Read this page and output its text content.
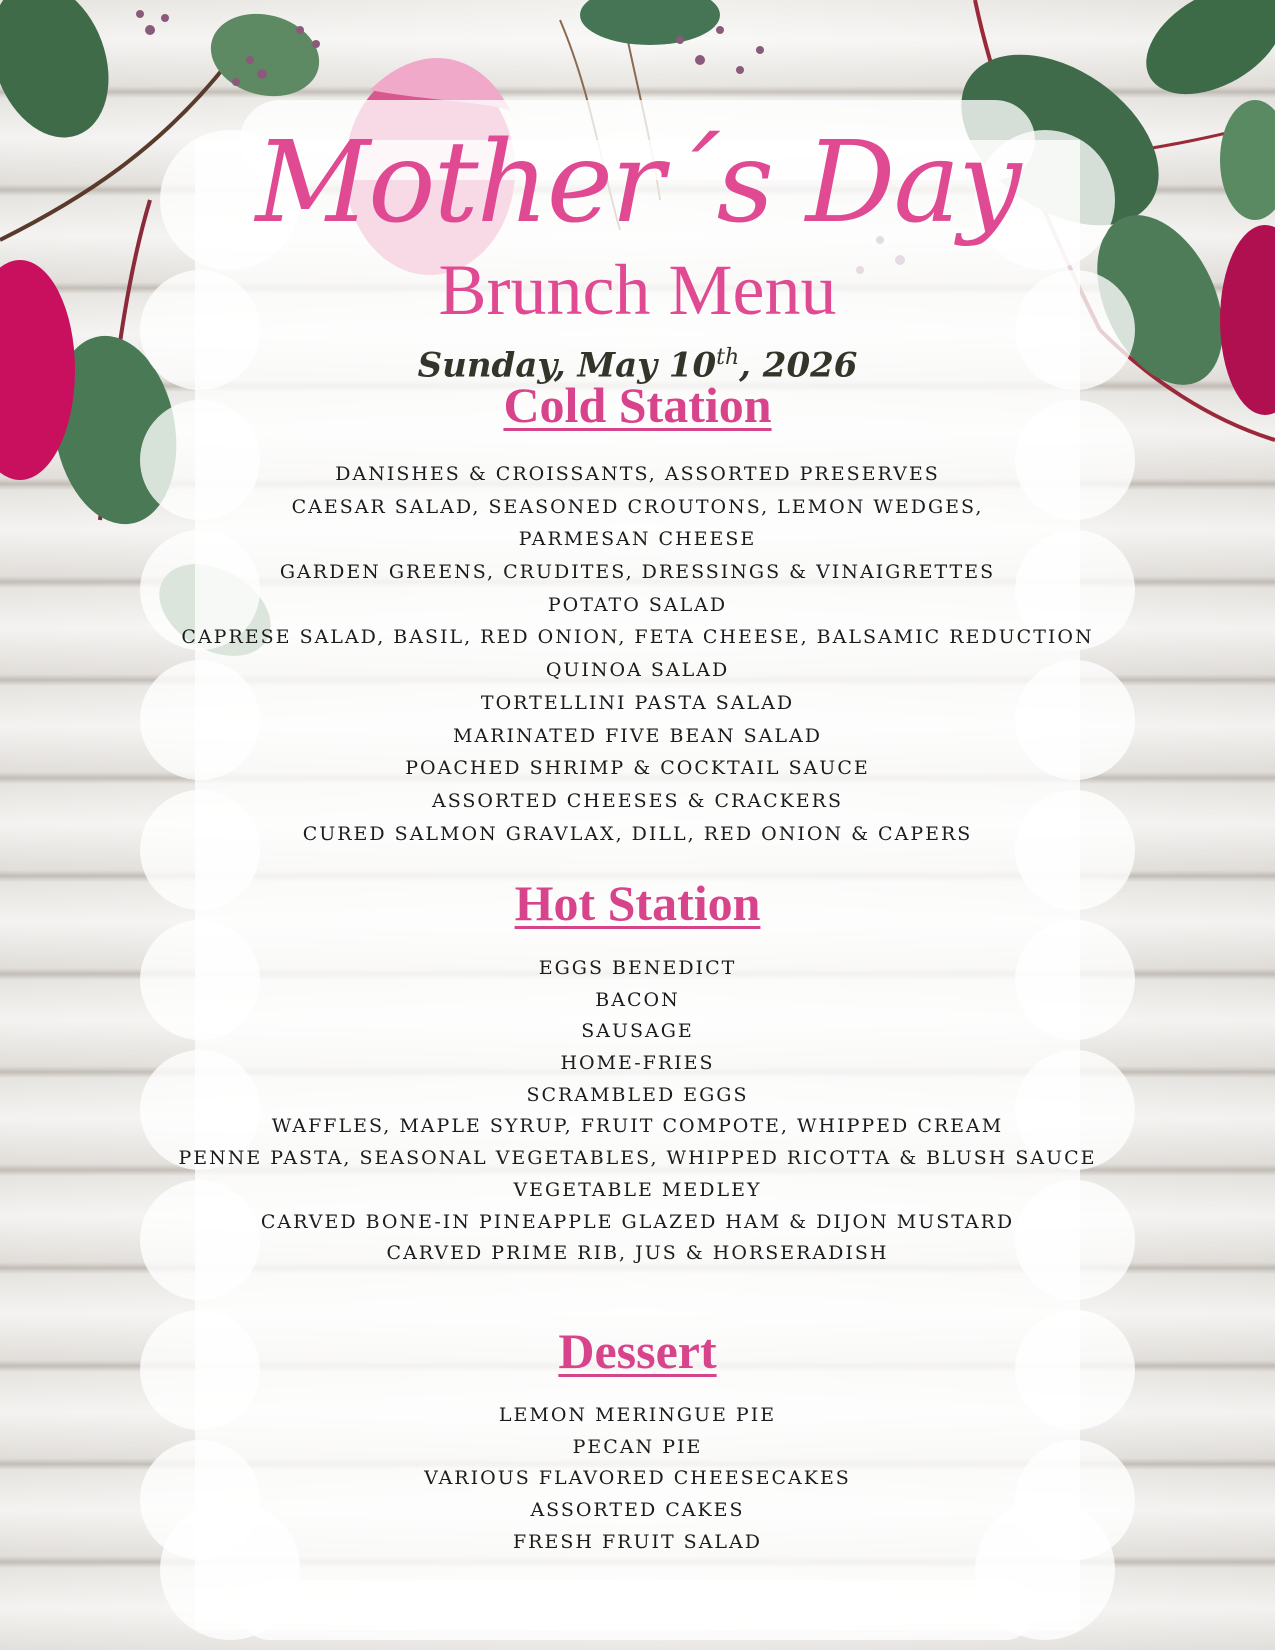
Mother´s Day
Brunch Menu
Sunday, May 10th, 2026
Cold Station
DANISHES & CROISSANTS, ASSORTED PRESERVES
CAESAR SALAD, SEASONED CROUTONS, LEMON WEDGES, PARMESAN CHEESE
GARDEN GREENS, CRUDITES, DRESSINGS & VINAIGRETTES
POTATO SALAD
CAPRESE SALAD, BASIL, RED ONION, FETA CHEESE, BALSAMIC REDUCTION
QUINOA SALAD
TORTELLINI PASTA SALAD
MARINATED FIVE BEAN SALAD
POACHED SHRIMP & COCKTAIL SAUCE
ASSORTED CHEESES & CRACKERS
CURED SALMON GRAVLAX, DILL, RED ONION & CAPERS
Hot Station
EGGS BENEDICT
BACON
SAUSAGE
HOME-FRIES
SCRAMBLED EGGS
WAFFLES, MAPLE SYRUP, FRUIT COMPOTE, WHIPPED CREAM
PENNE PASTA, SEASONAL VEGETABLES, WHIPPED RICOTTA & BLUSH SAUCE
VEGETABLE MEDLEY
CARVED BONE-IN PINEAPPLE GLAZED HAM & DIJON MUSTARD
CARVED PRIME RIB, JUS & HORSERADISH
Dessert
LEMON MERINGUE PIE
PECAN PIE
VARIOUS FLAVORED CHEESECAKES
ASSORTED CAKES
FRESH FRUIT SALAD
